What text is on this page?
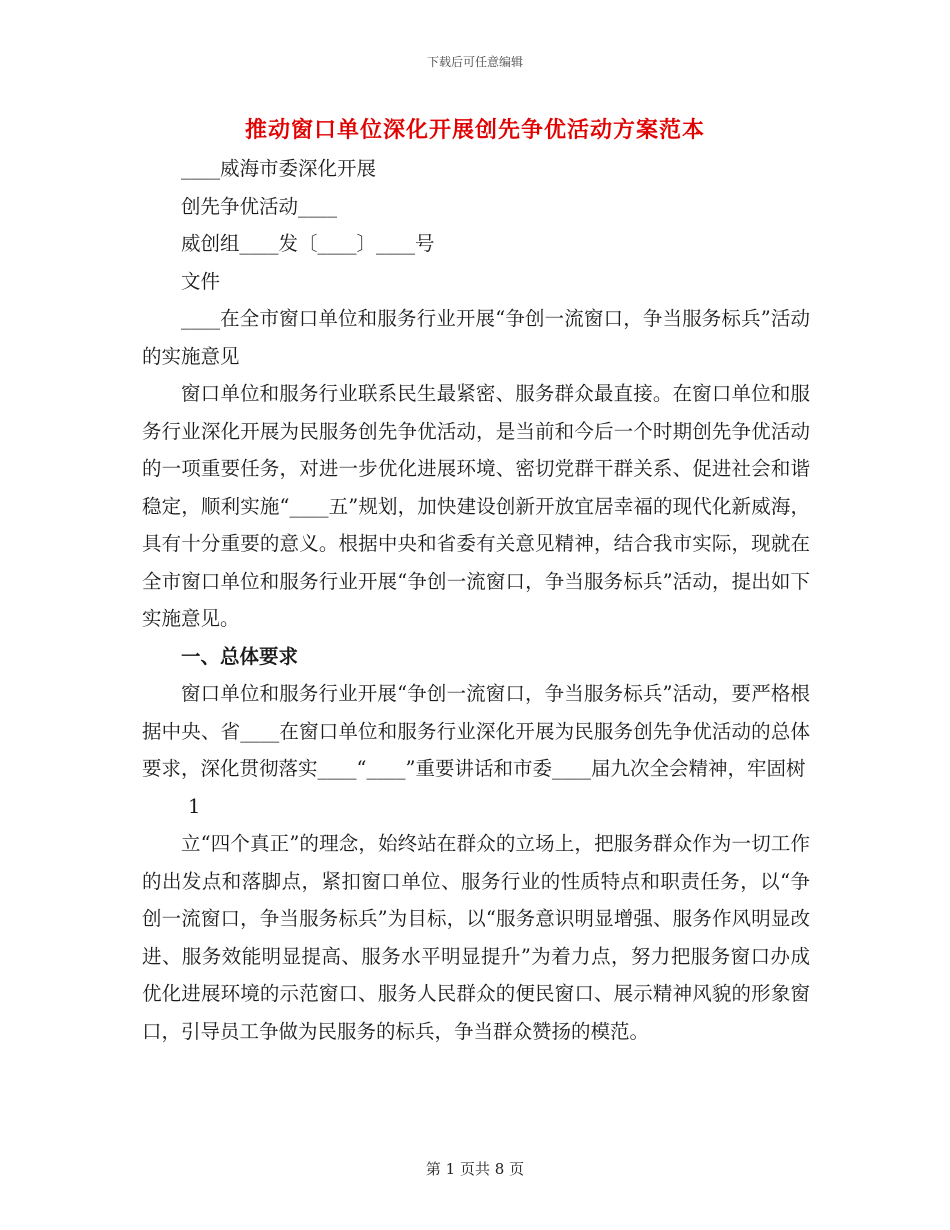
下载后可任意编辑
推动窗口单位深化开展创先争优活动方案范本

____威海市委深化开展

创先争优活动____

威创组____发〔____〕____号

文件

____在全市窗口单位和服务行业开展“争创一流窗口，争当服务标兵”活动的实施意见

窗口单位和服务行业联系民生最紧密、服务群众最直接。在窗口单位和服务行业深化开展为民服务创先争优活动，是当前和今后一个时期创先争优活动的一项重要任务，对进一步优化进展环境、密切党群干群关系、促进社会和谐稳定，顺利实施“____五”规划，加快建设创新开放宜居幸福的现代化新威海，具有十分重要的意义。根据中央和省委有关意见精神，结合我市实际，现就在全市窗口单位和服务行业开展“争创一流窗口，争当服务标兵”活动，提出如下实施意见。

一、总体要求

窗口单位和服务行业开展“争创一流窗口，争当服务标兵”活动，要严格根据中央、省____在窗口单位和服务行业深化开展为民服务创先争优活动的总体要求，深化贯彻落实____“____”重要讲话和市委____届九次全会精神，牢固树

1

立“四个真正”的理念，始终站在群众的立场上，把服务群众作为一切工作的出发点和落脚点，紧扣窗口单位、服务行业的性质特点和职责任务，以“争创一流窗口，争当服务标兵”为目标，以“服务意识明显增强、服务作风明显改进、服务效能明显提高、服务水平明显提升”为着力点，努力把服务窗口办成优化进展环境的示范窗口、服务人民群众的便民窗口、展示精神风貌的形象窗口，引导员工争做为民服务的标兵，争当群众赞扬的模范。

第 1 页共 8 页
